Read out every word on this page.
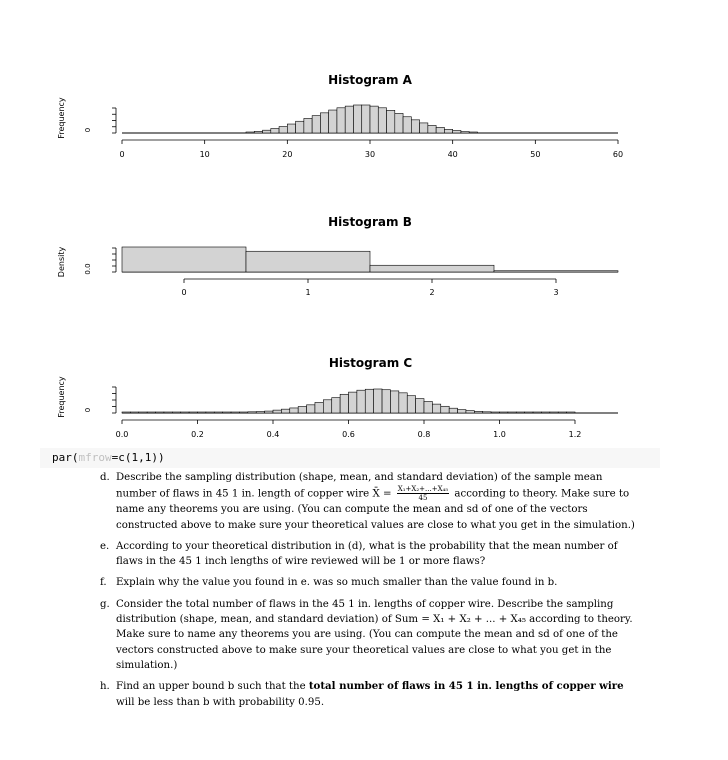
Histogram A
Frequency	0
0	10	20	30	40	50	60
Histogram B
Density	0.0
0	1	2	3
Histogram C
Frequency	0
0.0	0.2	0.4	0.6	0.8	1.0	1.2
par(mfrow=c(1,1))
d. Describe the sampling distribution (shape, mean, and standard deviation) of the sample mean number of flaws in 45 1 in. length of copper wire X̄ = $\frac{\text{X₁+X₂+...+X₄₅}}{45}$ according to theory. Make sure to name any theorems you are using. (You can compute the mean and sd of one of the vectors constructed above to make sure your theoretical values are close to what you get in the simulation.)
e. According to your theoretical distribution in (d), what is the probability that the mean number of flaws in the 45 1 inch lengths of wire reviewed will be 1 or more flaws?
f. Explain why the value you found in e. was so much smaller than the value found in b.
g. Consider the total number of flaws in the 45 1 in. lengths of copper wire. Describe the sampling distribution (shape, mean, and standard deviation) of Sum = X₁ + X₂ + ... + X₄₅ according to theory. Make sure to name any theorems you are using. (You can compute the mean and sd of one of the vectors constructed above to make sure your theoretical values are close to what you get in the simulation.)
h. Find an upper bound b such that the total number of flaws in 45 1 in. lengths of copper wire will be less than b with probability 0.95.
